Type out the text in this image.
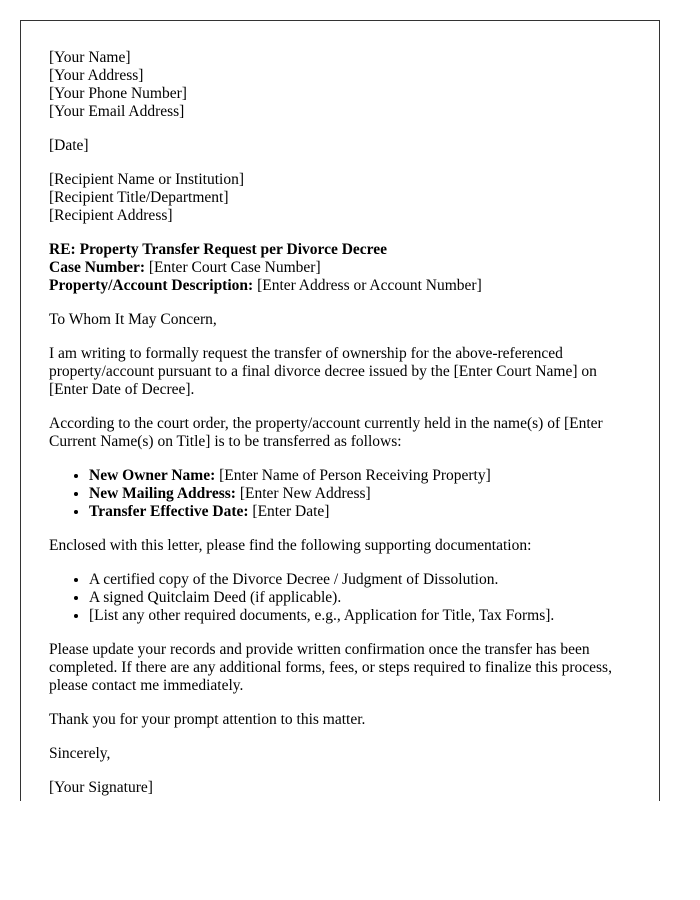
[Your Name]
[Your Address]
[Your Phone Number]
[Your Email Address]

[Date]

[Recipient Name or Institution]
[Recipient Title/Department]
[Recipient Address]

RE: Property Transfer Request per Divorce Decree
Case Number: [Enter Court Case Number]
Property/Account Description: [Enter Address or Account Number]

To Whom It May Concern,

I am writing to formally request the transfer of ownership for the above-referenced property/account pursuant to a final divorce decree issued by the [Enter Court Name] on [Enter Date of Decree].

According to the court order, the property/account currently held in the name(s) of [Enter Current Name(s) on Title] is to be transferred as follows:

• New Owner Name: [Enter Name of Person Receiving Property]
• New Mailing Address: [Enter New Address]
• Transfer Effective Date: [Enter Date]

Enclosed with this letter, please find the following supporting documentation:

• A certified copy of the Divorce Decree / Judgment of Dissolution.
• A signed Quitclaim Deed (if applicable).
• [List any other required documents, e.g., Application for Title, Tax Forms].

Please update your records and provide written confirmation once the transfer has been completed. If there are any additional forms, fees, or steps required to finalize this process, please contact me immediately.

Thank you for your prompt attention to this matter.

Sincerely,

[Your Signature]
